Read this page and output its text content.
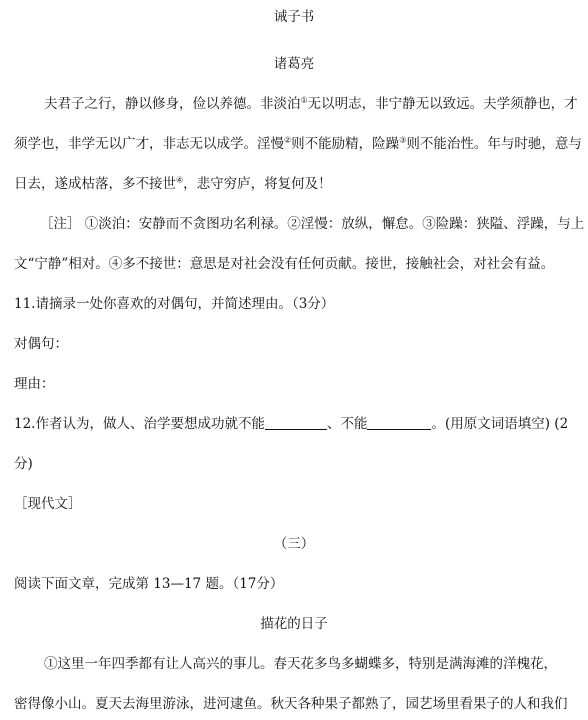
诫子书
诸葛亮
夫君子之行，静以修身，俭以养德。非淡泊①无以明志，非宁静无以致远。夫学须静也，才
须学也，非学无以广才，非志无以成学。淫慢②则不能励精，险躁③则不能治性。年与时驰，意与
日去，遂成枯落，多不接世④，悲守穷庐，将复何及！
［注］ ①淡泊：安静而不贪图功名利禄。②淫慢：放纵，懈怠。③险躁：狭隘、浮躁，与上
文“宁静”相对。④多不接世：意思是对社会没有任何贡献。接世，接触社会，对社会有益。
11.请摘录一处你喜欢的对偶句，并简述理由。（3分）
对偶句：
理由：
12.作者认为，做人、治学要想成功就不能	、不能	。(用原文词语填空) (2
分)
［现代文］
（三）
阅读下面文章，完成第 13—17 题。（17分）
描花的日子
①这里一年四季都有让人高兴的事儿。春天花多鸟多蝴蝶多，特别是满海滩的洋槐花，
密得像小山。夏天去海里游泳，进河逮鱼。秋天各种果子都熟了，园艺场里看果子的人和我们
